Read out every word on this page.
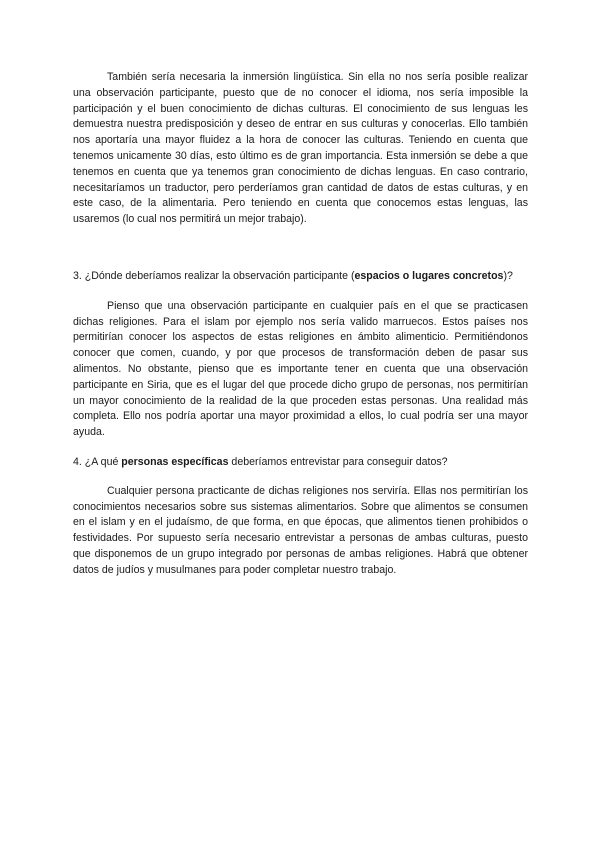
También sería necesaria la inmersión lingüística. Sin ella no nos sería posible realizar una observación participante, puesto que de no conocer el idioma, nos sería imposible la participación y el buen conocimiento de dichas culturas. El conocimiento de sus lenguas les demuestra nuestra predisposición y deseo de entrar en sus culturas y conocerlas. Ello también nos aportaría una mayor fluidez a la hora de conocer las culturas. Teniendo en cuenta que tenemos unicamente 30 días, esto último es de gran importancia. Esta inmersión se debe a que tenemos en cuenta que ya tenemos gran conocimiento de dichas lenguas. En caso contrario, necesitaríamos un traductor, pero perderíamos gran cantidad de datos de estas culturas, y en este caso, de la alimentaria. Pero teniendo en cuenta que conocemos estas lenguas, las usaremos (lo cual nos permitirá un mejor trabajo).

3. ¿Dónde deberíamos realizar la observación participante (espacios o lugares concretos)?

Pienso que una observación participante en cualquier país en el que se practicasen dichas religiones. Para el islam por ejemplo nos sería valido marruecos. Estos países nos permitirían conocer los aspectos de estas religiones en ámbito alimenticio. Permitiéndonos conocer que comen, cuando, y por que procesos de transformación deben de pasar sus alimentos. No obstante, pienso que es importante tener en cuenta que una observación participante en Siria, que es el lugar del que procede dicho grupo de personas, nos permitirían un mayor conocimiento de la realidad de la que proceden estas personas. Una realidad más completa. Ello nos podría aportar una mayor proximidad a ellos, lo cual podría ser una mayor ayuda.

4. ¿A qué personas específicas deberíamos entrevistar para conseguir datos?

Cualquier persona practicante de dichas religiones nos serviría. Ellas nos permitirían los conocimientos necesarios sobre sus sistemas alimentarios. Sobre que alimentos se consumen en el islam y en el judaísmo, de que forma, en que épocas, que alimentos tienen prohibidos o festividades. Por supuesto sería necesario entrevistar a personas de ambas culturas, puesto que disponemos de un grupo integrado por personas de ambas religiones. Habrá que obtener datos de judíos y musulmanes para poder completar nuestro trabajo.
